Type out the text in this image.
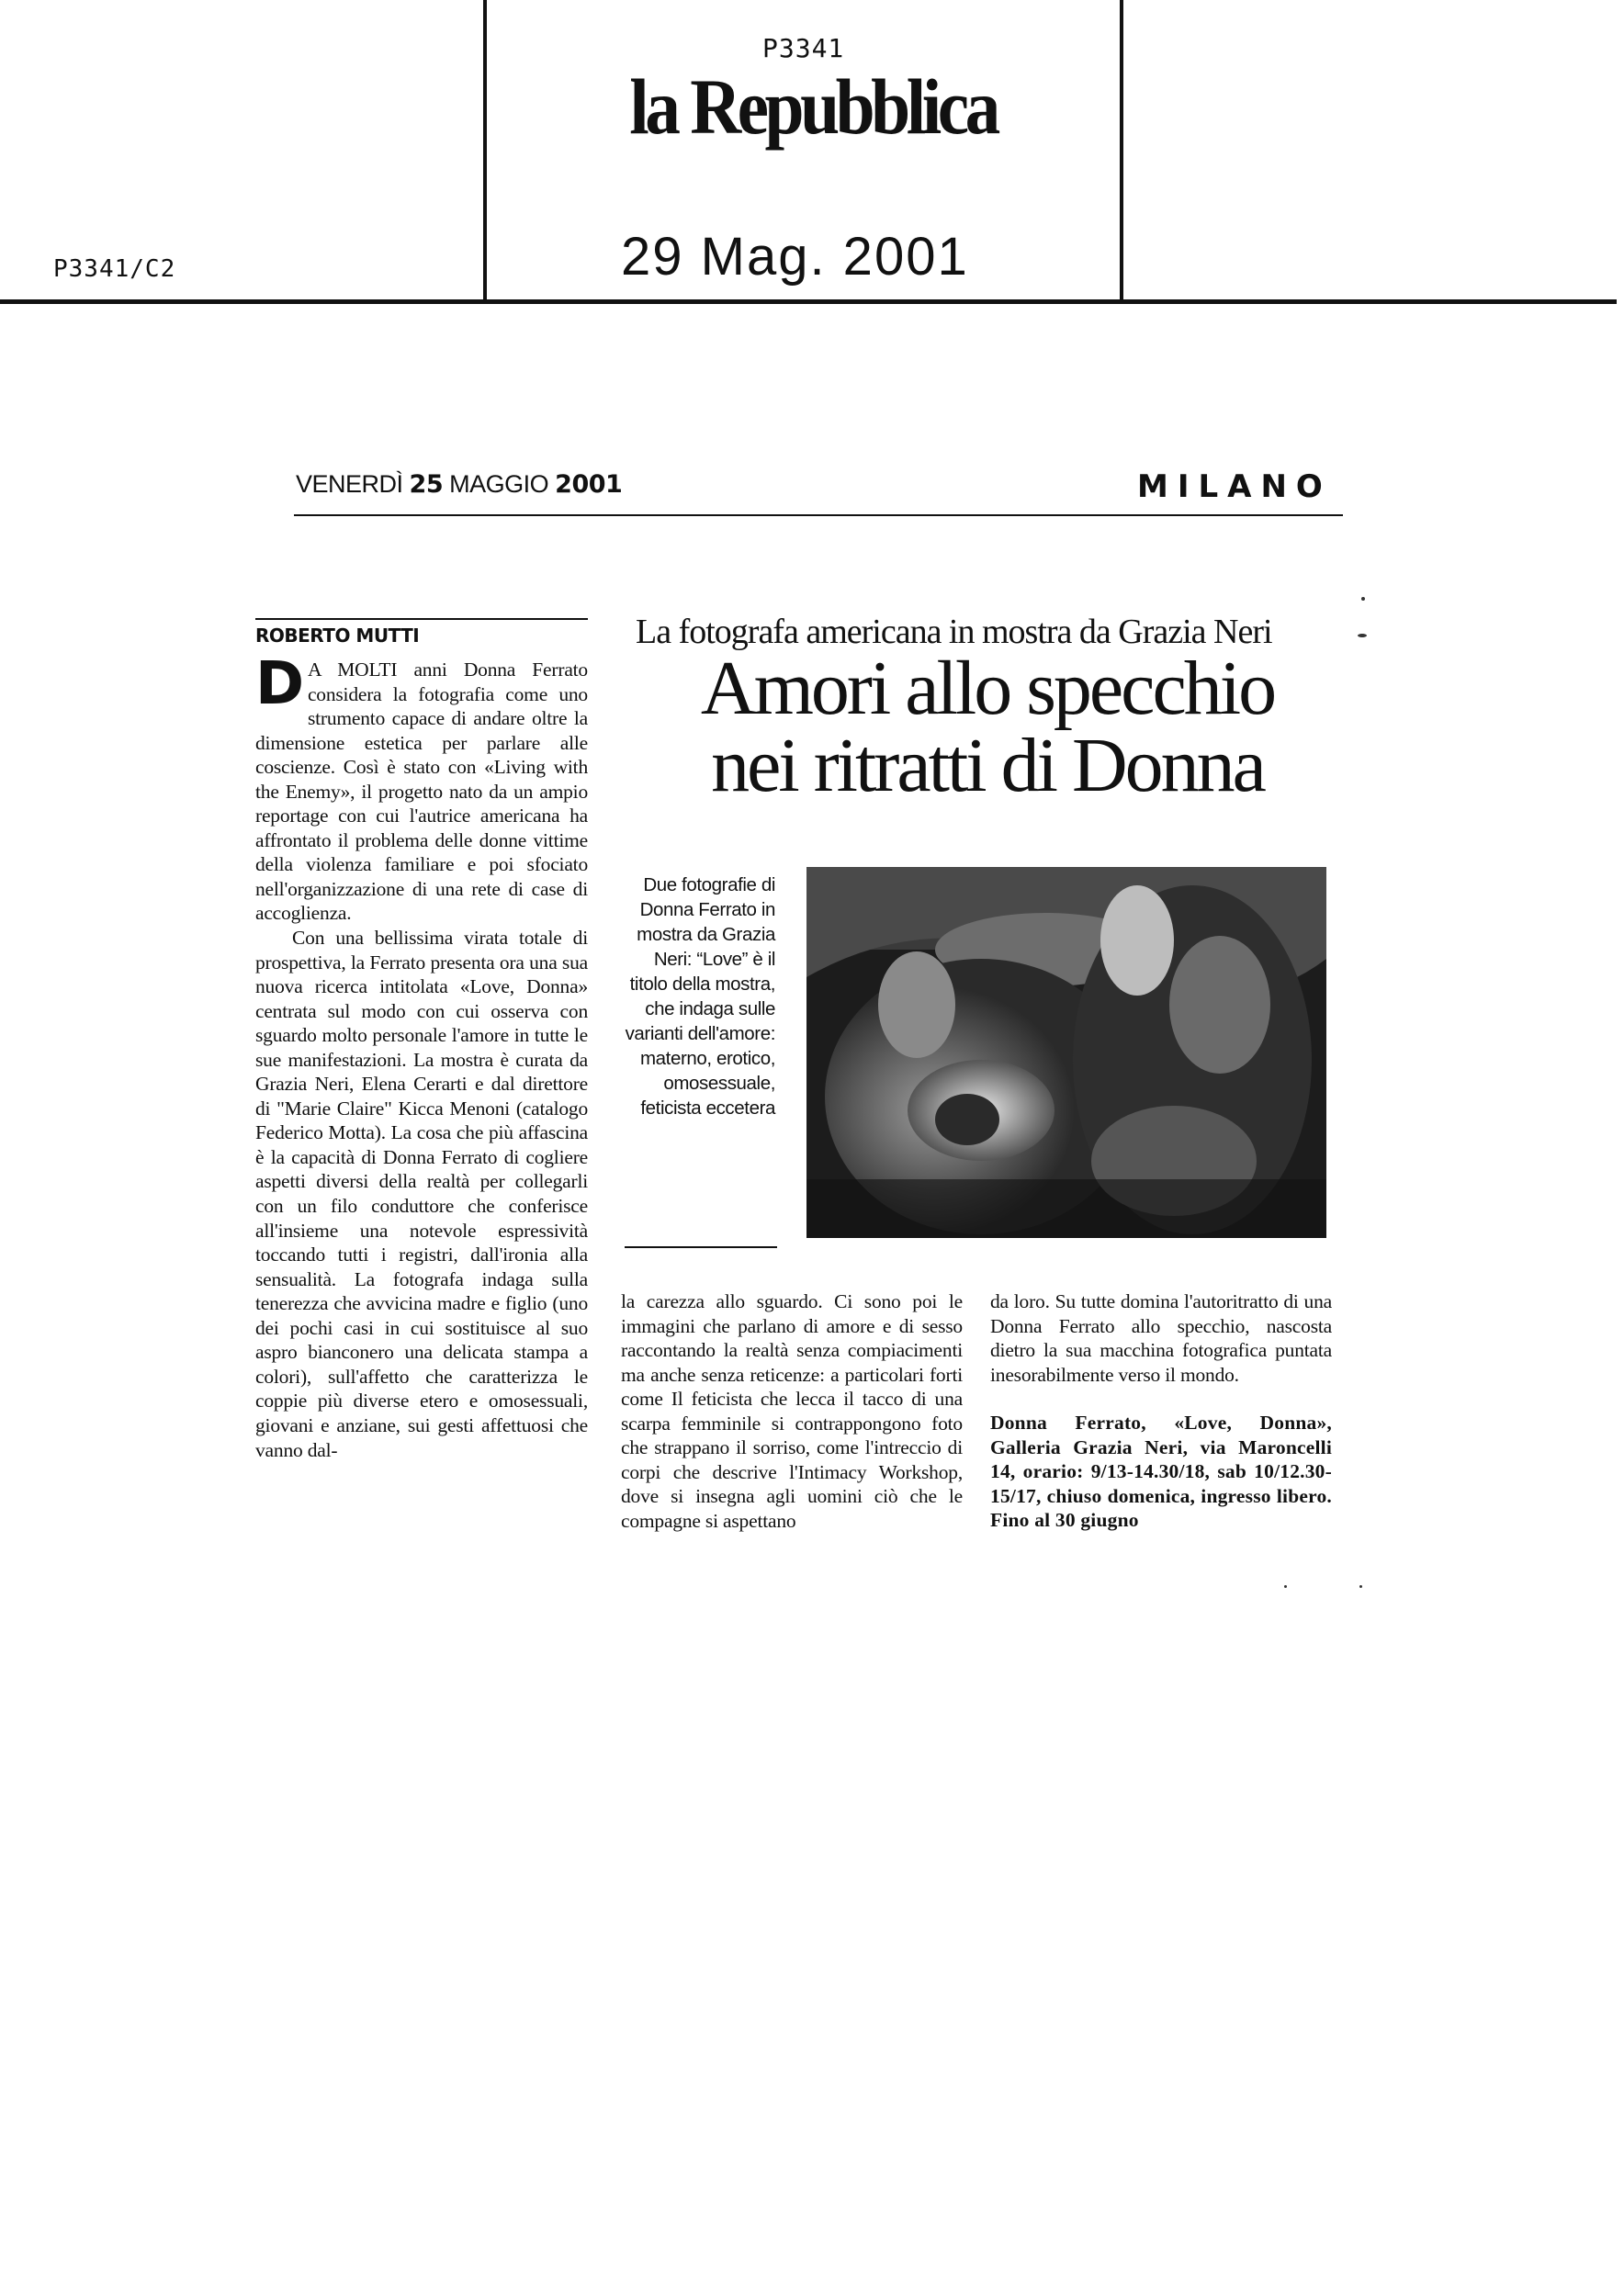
P3341
la Repubblica
P3341/C2	29 Mag. 2001
VENERDÌ 25 MAGGIO 2001	MILANO
ROBERTO MUTTI	La fotografa americana in mostra da Grazia Neri
Amori allo specchio
nei ritratti di Donna
Due fotografie di Donna Ferrato in mostra da Grazia Neri: “Love” è il titolo della mostra, che indaga sulle varianti dell'amore: materno, erotico, omosessuale, feticista eccetera

D A MOLTI anni Donna Ferrato considera la fotografia come uno strumento capace di andare oltre la dimensione estetica per parlare alle coscienze. Così è stato con «Living with the Enemy», il progetto nato da un ampio reportage con cui l'autrice americana ha affrontato il problema delle donne vittime della violenza familiare e poi sfociato nell'organizzazione di una rete di case di accoglienza.

Con una bellissima virata totale di prospettiva, la Ferrato presenta ora una sua nuova ricerca intitolata «Love, Donna» centrata sul modo con cui osserva con sguardo molto personale l'amore in tutte le sue manifestazioni. La mostra è curata da Grazia Neri, Elena Cerarti e dal direttore di "Marie Claire" Kicca Menoni (catalogo Federico Motta). La cosa che più affascina è la capacità di Donna Ferrato di cogliere aspetti diversi della realtà per collegarli con un filo conduttore che conferisce all'insieme una notevole espressività toccando tutti i registri, dall'ironia alla sensualità. La fotografa indaga sulla tenerezza che avvicina madre e figlio (uno dei pochi casi in cui sostituisce al suo aspro bianconero una delicata stampa a colori), sull'affetto che caratterizza le coppie più diverse etero e omosessuali, giovani e anziane, sui gesti affettuosi che vanno dal-

la carezza allo sguardo. Ci sono poi le immagini che parlano di amore e di sesso raccontando la realtà senza compiacimenti ma anche senza reticenze: a particolari forti come Il feticista che lecca il tacco di una scarpa femminile si contrappongono foto che strappano il sorriso, come l'intreccio di corpi che descrive l'Intimacy Workshop, dove si insegna agli uomini ciò che le compagne si aspettano

da loro. Su tutte domina l'autoritratto di una Donna Ferrato allo specchio, nascosta dietro la sua macchina fotografica puntata inesorabilmente verso il mondo.

Donna Ferrato, «Love, Donna», Galleria Grazia Neri, via Maroncelli 14, orario: 9/13-14.30/18, sab 10/12.30-15/17, chiuso domenica, ingresso libero. Fino al 30 giugno
